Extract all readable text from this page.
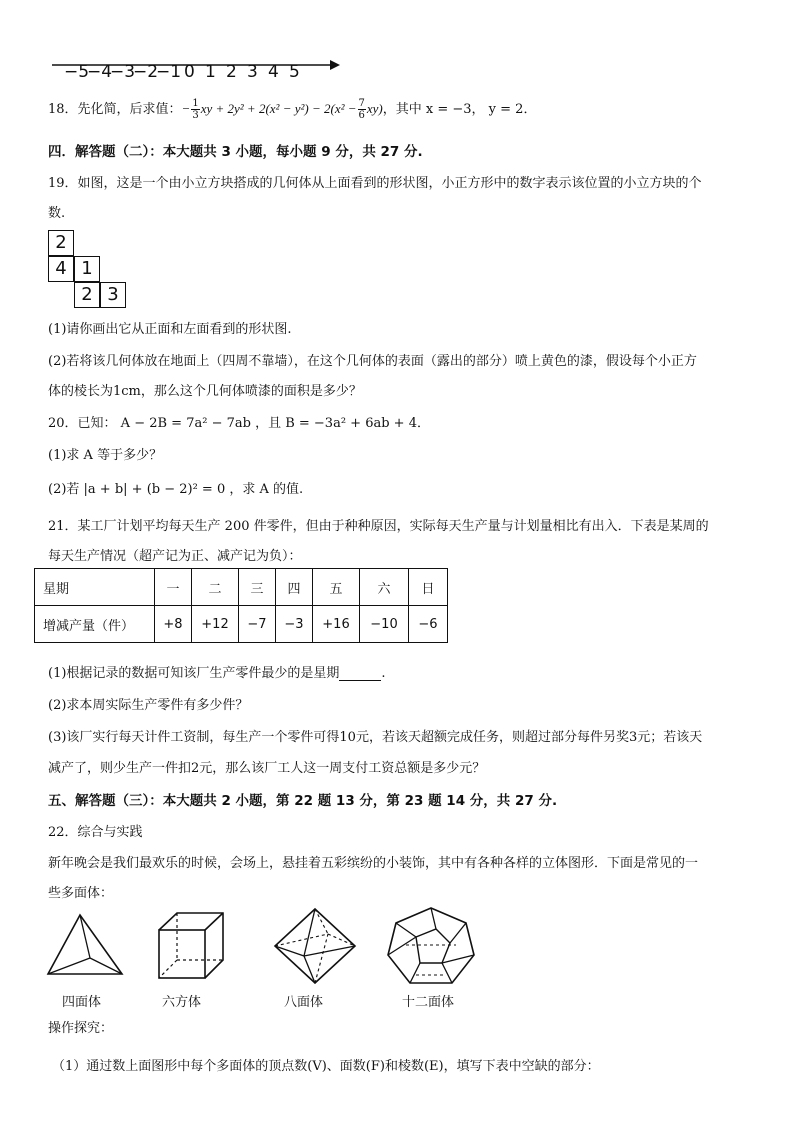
−5−4−3−2−1 0 1 2 3 4 5
18．先化简，后求值：− $\frac{1}{3}$ xy + $2y^2 + 2(x^2 - y^2) - 2(x^2 - \frac{7}{6} xy)$，其中 x = −3， y = 2．
四．解答题（二）：本大题共 3 小题，每小题 9 分，共 27 分.
19．如图，这是一个由小立方块搭成的几何体从上面看到的形状图，小正方形中的数字表示该位置的小立方块的个
数.
2
4 1
2 3
(1)请你画出它从正面和左面看到的形状图.
(2)若将该几何体放在地面上（四周不靠墙），在这个几何体的表面（露出的部分）喷上黄色的漆，假设每个小正方
体的棱长为1cm，那么这个几何体喷漆的面积是多少？
20．已知： A − 2B = 7a² − 7ab ，且 B = −3a² + 6ab + 4．
(1)求 A 等于多少？
(2)若 |a + b| + (b − 2)² = 0 ，求 A 的值.
21．某工厂计划平均每天生产 200 件零件，但由于种种原因，实际每天生产量与计划量相比有出入．下表是某周的
每天生产情况（超产记为正、减产记为负）：
星期	一	二	三	四	五	六	日
增减产量（件）	+8	+12	−7	−3	+16	−10	−6
(1)根据记录的数据可知该厂生产零件最少的是星期	.
(2)求本周实际生产零件有多少件？
(3)该厂实行每天计件工资制，每生产一个零件可得10元，若该天超额完成任务，则超过部分每件另奖3元；若该天
减产了，则少生产一件扣2元，那么该厂工人这一周支付工资总额是多少元？
五、解答题（三）：本大题共 2 小题，第 22 题 13 分，第 23 题 14 分，共 27 分.
22．综合与实践
新年晚会是我们最欢乐的时候，会场上，悬挂着五彩缤纷的小装饰，其中有各种各样的立体图形．下面是常见的一
些多面体：
四面体	六方体	八面体	十二面体
操作探究：
（1）通过数上面图形中每个多面体的顶点数(V)、面数(F)和棱数(E)，填写下表中空缺的部分：
